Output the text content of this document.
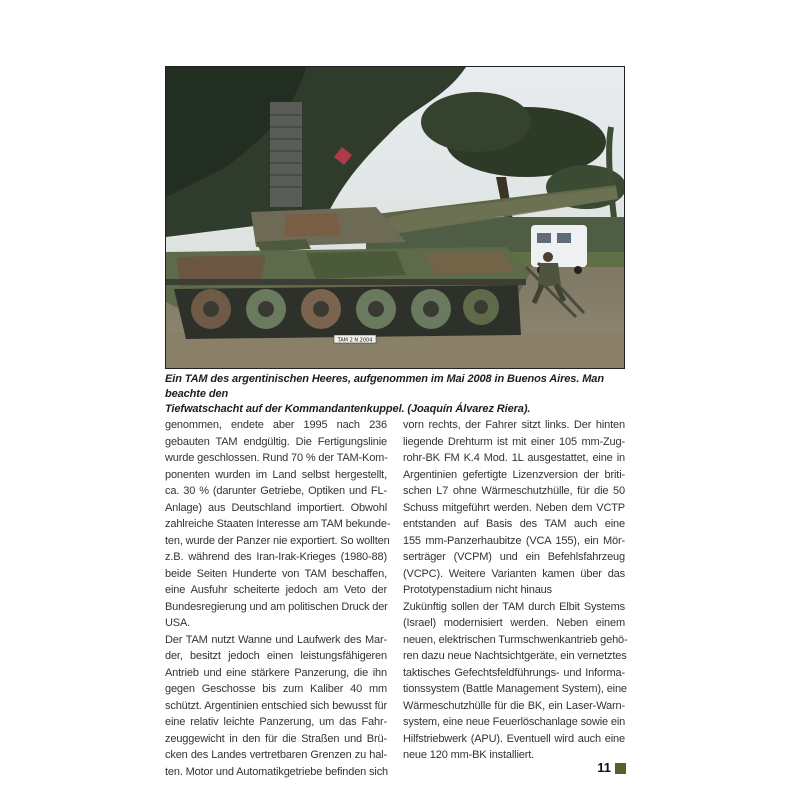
TAM 2 N 2004
Ein TAM des argentinischen Heeres, aufgenommen im Mai 2008 in Buenos Aires. Man beachte den
Tiefwatschacht auf der Kommandantenkuppel. (Joaquín Álvarez Riera).
genommen, endete aber 1995 nach 236
gebauten TAM endgültig. Die Fertigungslinie
wurde geschlossen. Rund 70 % der TAM-Kom-
ponenten wurden im Land selbst hergestellt,
ca. 30 % (darunter Getriebe, Optiken und FL-
Anlage) aus Deutschland importiert. Obwohl
zahlreiche Staaten Interesse am TAM bekunde-
ten, wurde der Panzer nie exportiert. So wollten
z.B. während des Iran-Irak-Krieges (1980-88)
beide Seiten Hunderte von TAM beschaffen,
eine Ausfuhr scheiterte jedoch am Veto der
Bundesregierung und am politischen Druck der
USA.
Der TAM nutzt Wanne und Laufwerk des Mar-
der, besitzt jedoch einen leistungsfähigeren
Antrieb und eine stärkere Panzerung, die ihn
gegen Geschosse bis zum Kaliber 40 mm
schützt. Argentinien entschied sich bewusst für
eine relativ leichte Panzerung, um das Fahr-
zeuggewicht in den für die Straßen und Brü-
cken des Landes vertretbaren Grenzen zu hal-
ten. Motor und Automatikgetriebe befinden sich
vorn rechts, der Fahrer sitzt links. Der hinten
liegende Drehturm ist mit einer 105 mm-Zug-
rohr-BK FM K.4 Mod. 1L ausgestattet, eine in
Argentinien gefertigte Lizenzversion der briti-
schen L7 ohne Wärmeschutzhülle, für die 50
Schuss mitgeführt werden. Neben dem VCTP
entstanden auf Basis des TAM auch eine
155 mm-Panzerhaubitze (VCA 155), ein Mör-
serträger (VCPM) und ein Befehlsfahrzeug
(VCPC). Weitere Varianten kamen über das
Prototypenstadium nicht hinaus
Zukünftig sollen der TAM durch Elbit Systems
(Israel) modernisiert werden. Neben einem
neuen, elektrischen Turmschwenkantrieb gehö-
ren dazu neue Nachtsichtgeräte, ein vernetztes
taktisches Gefechtsfeldführungs- und Informa-
tionssystem (Battle Management System), eine
Wärmeschutzhülle für die BK, ein Laser-Warn-
system, eine neue Feuerlöschanlage sowie ein
Hilfstriebwerk (APU). Eventuell wird auch eine
neue 120 mm-BK installiert.
11
